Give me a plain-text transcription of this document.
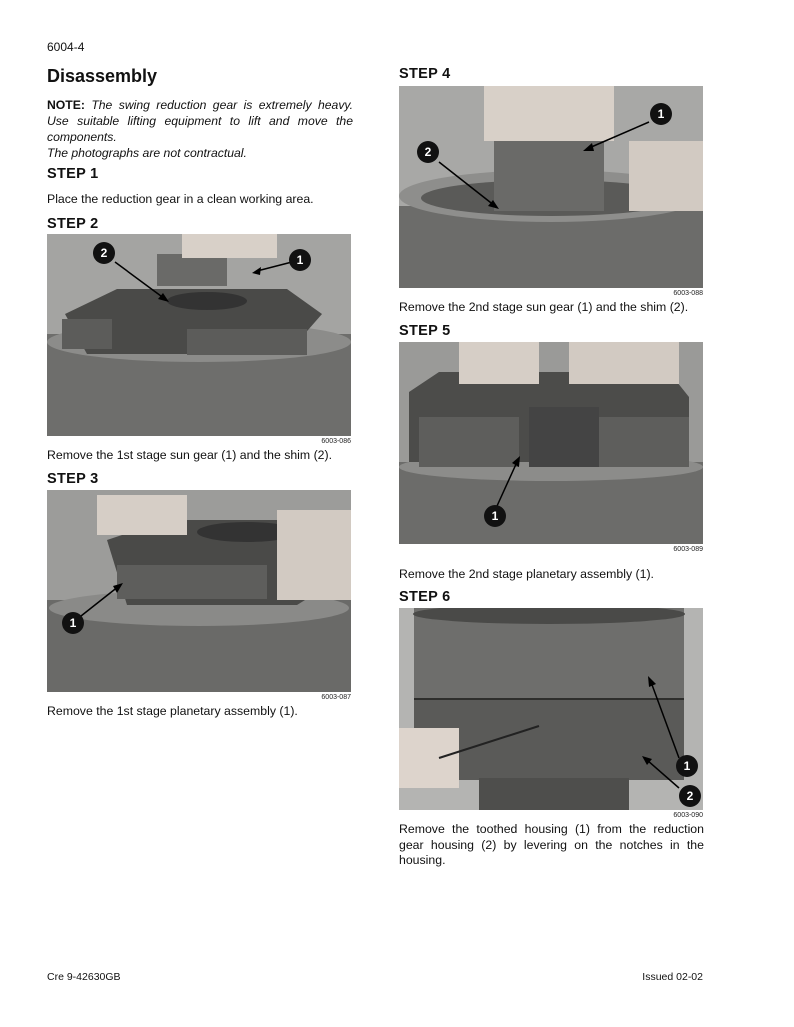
6004-4
Disassembly
NOTE: The swing reduction gear is extremely heavy. Use suitable lifting equipment to lift and move the components.
The photographs are not contractual.
STEP 1
Place the reduction gear in a clean working area.
STEP 2
1
2
6003-086
Remove the 1st stage sun gear (1) and the shim (2).
STEP 3
1
6003-087
Remove the 1st stage planetary assembly (1).
STEP 4
1
2
6003-088
Remove the 2nd stage sun gear (1) and the shim (2).
STEP 5
1
6003-089
Remove the 2nd stage planetary assembly (1).
STEP 6
1
2
6003-090
Remove the toothed housing (1) from the reduction gear housing (2) by levering on the notches in the housing.
Cre 9-42630GB	Issued 02-02
